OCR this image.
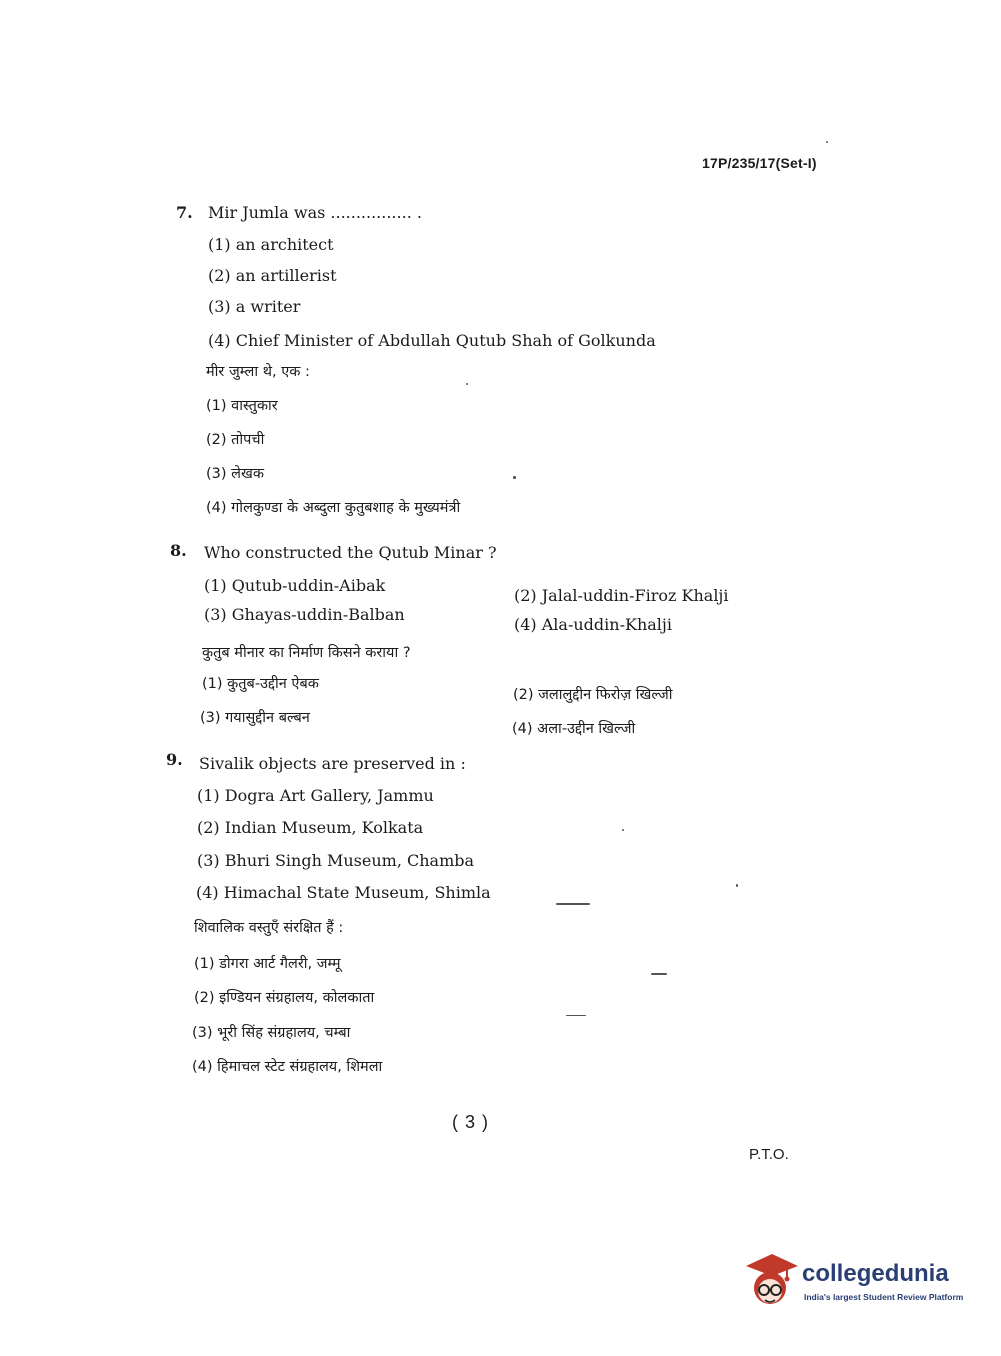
17P/235/17(Set-I)
7. Mir Jumla was ................ .
(1) an architect
(2) an artillerist
(3) a writer
(4) Chief Minister of Abdullah Qutub Shah of Golkunda
मीर जुम्ला थे, एक :
(1) वास्तुकार
(2) तोपची
(3) लेखक
(4) गोलकुण्डा के अब्दुला कुतुबशाह के मुख्यमंत्री
8. Who constructed the Qutub Minar ?
(1) Qutub-uddin-Aibak
(2) Jalal-uddin-Firoz Khalji
(3) Ghayas-uddin-Balban
(4) Ala-uddin-Khalji
कुतुब मीनार का निर्माण किसने कराया ?
(1) कुतुब-उद्दीन ऐबक
(2) जलालुद्दीन फिरोज़ खिल्जी
(3) गयासुद्दीन बल्बन
(4) अला-उद्दीन खिल्जी
9. Sivalik objects are preserved in :
(1) Dogra Art Gallery, Jammu
(2) Indian Museum, Kolkata
(3) Bhuri Singh Museum, Chamba
(4) Himachal State Museum, Shimla
शिवालिक वस्तुएँ संरक्षित हैं :
(1) डोगरा आर्ट गैलरी, जम्मू
(2) इण्डियन संग्रहालय, कोलकाता
(3) भूरी सिंह संग्रहालय, चम्बा
(4) हिमाचल स्टेट संग्रहालय, शिमला
( 3 )
P.T.O.
collegedunia
India's largest Student Review Platform
